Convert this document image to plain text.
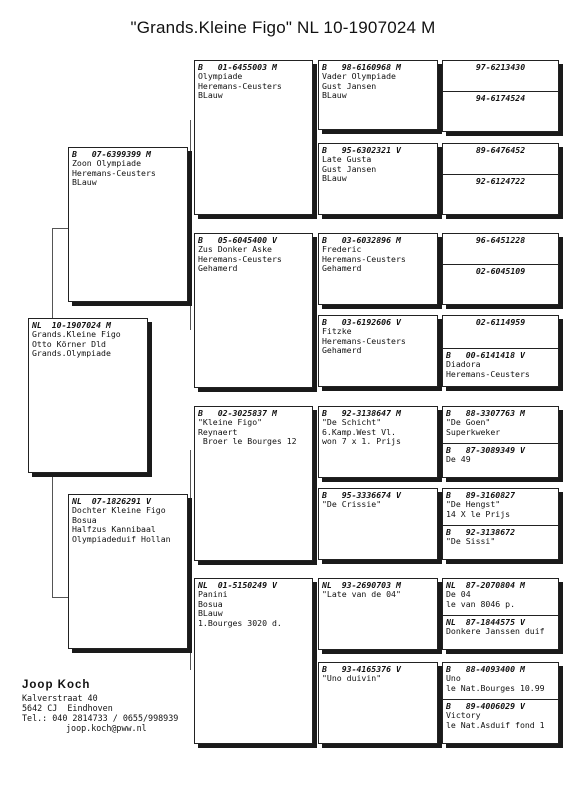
"Grands.Kleine Figo" NL 10-1907024 M
NL  10-1907024 M
Grands.Kleine Figo
Otto Körner Dld
Grands.Olympiade
B   07-6399399 M
Zoon Olympiade
Heremans-Ceusters
BLauw
NL  07-1826291 V
Dochter Kleine Figo
Bosua
Halfzus Kannibaal
Olympiadeduif Hollan
B   01-6455003 M
Olympiade
Heremans-Ceusters
BLauw
B   05-6045400 V
Zus Donker Aske
Heremans-Ceusters
Gehamerd
B   02-3025837 M
"Kleine Figo"
Reynaert
Broer le Bourges 12
NL  01-5150249 V
Panini
Bosua
BLauw
1.Bourges 3020 d.
B   98-6160968 M
Vader Olympiade
Gust Jansen
BLauw
B   95-6302321 V
Late Gusta
Gust Jansen
BLauw
B   03-6032896 M
Frederic
Heremans-Ceusters
Gehamerd
B   03-6192606 V
Fitzke
Heremans-Ceusters
Gehamerd
B   92-3138647 M
"De Schicht"
6.Kamp.West Vl.
won 7 x 1. Prijs
B   95-3336674 V
"De Crissie"
NL  93-2690703 M
"Late van de 04"
B   93-4165376 V
"Uno duivin"
97-6213430
94-6174524
89-6476452
92-6124722
96-6451228
02-6045109
02-6114959
B   00-6141418 V
Diadora
Heremans-Ceusters
B   88-3307763 M
"De Goen"
Superkweker
B   87-3089349 V
De 49
B   89-3160827
"De Hengst"
14 X le Prijs
B   92-3138672
"De Sissi"
NL  87-2070804 M
De 04
le van 8046 p.
NL  87-1844575 V
Donkere Janssen duif
B   88-4093400 M
Uno
le Nat.Bourges 10.99
B   89-4006029 V
Victory
le Nat.Asduif fond 1
Joop Koch
Kalverstraat 40
5642 CJ  Eindhoven
Tel.: 040 2814733 / 0655/998939
joop.koch@pww.nl
